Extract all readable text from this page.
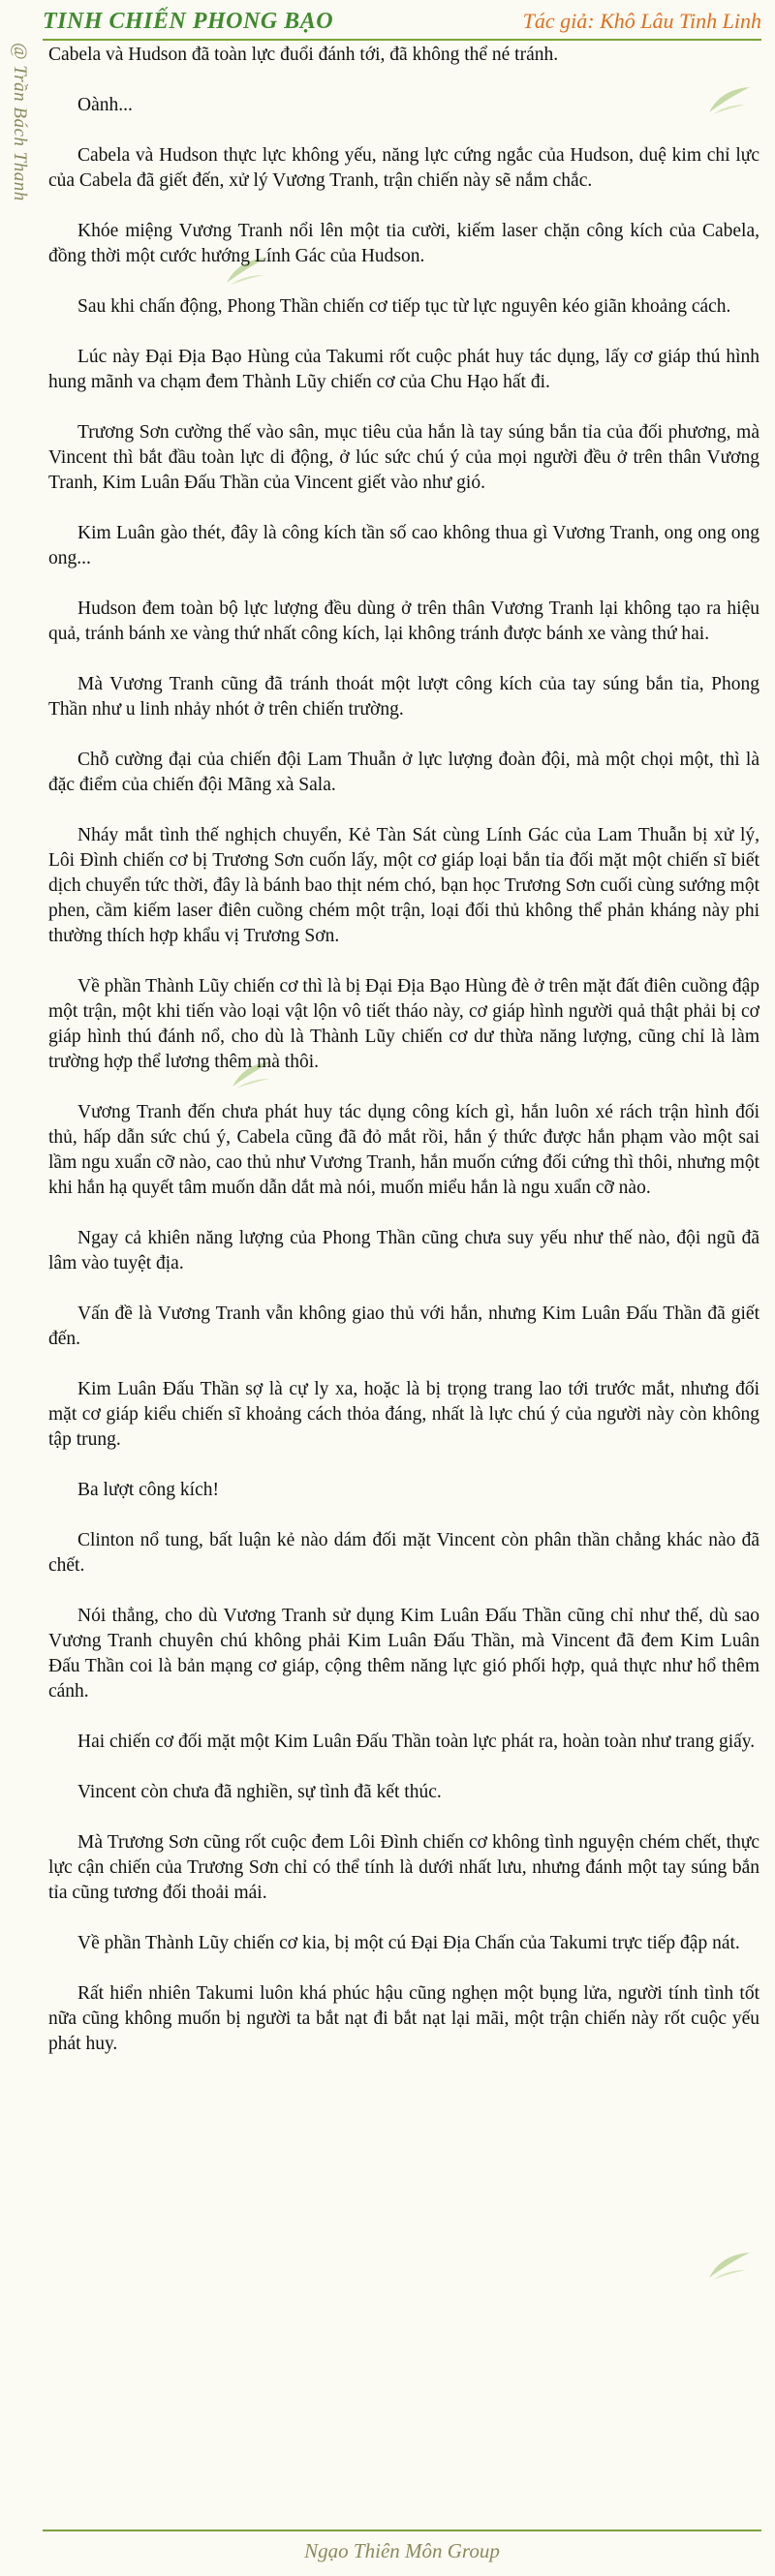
TINH CHIẾN PHONG BẠO	Tác giả: Khô Lâu Tinh Linh
@ Trần Bách Thanh Cabela và Hudson đã toàn lực đuổi đánh tới, đã không thể né tránh.

Oành...

Cabela và Hudson thực lực không yếu, năng lực cứng ngắc của Hudson, duệ kim chỉ lực của Cabela đã giết đến, xử lý Vương Tranh, trận chiến này sẽ nắm chắc.

Khóe miệng Vương Tranh nổi lên một tia cười, kiếm laser chặn công kích của Cabela, đồng thời một cước hướng Lính Gác của Hudson.

Sau khi chấn động, Phong Thần chiến cơ tiếp tục từ lực nguyên kéo giãn khoảng cách.

Lúc này Đại Địa Bạo Hùng của Takumi rốt cuộc phát huy tác dụng, lấy cơ giáp thú hình hung mãnh va chạm đem Thành Lũy chiến cơ của Chu Hạo hất đi.

Trương Sơn cường thế vào sân, mục tiêu của hắn là tay súng bắn tỉa của đối phương, mà Vincent thì bắt đầu toàn lực di động, ở lúc sức chú ý của mọi người đều ở trên thân Vương Tranh, Kim Luân Đấu Thần của Vincent giết vào như gió.

Kim Luân gào thét, đây là công kích tần số cao không thua gì Vương Tranh, ong ong ong ong...

Hudson đem toàn bộ lực lượng đều dùng ở trên thân Vương Tranh lại không tạo ra hiệu quả, tránh bánh xe vàng thứ nhất công kích, lại không tránh được bánh xe vàng thứ hai.

Mà Vương Tranh cũng đã tránh thoát một lượt công kích của tay súng bắn tỉa, Phong Thần như u linh nhảy nhót ở trên chiến trường.

Chỗ cường đại của chiến đội Lam Thuẫn ở lực lượng đoàn đội, mà một chọi một, thì là đặc điểm của chiến đội Mãng xà Sala.

Nháy mắt tình thế nghịch chuyển, Kẻ Tàn Sát cùng Lính Gác của Lam Thuẫn bị xử lý, Lôi Đình chiến cơ bị Trương Sơn cuốn lấy, một cơ giáp loại bắn tỉa đối mặt một chiến sĩ biết dịch chuyển tức thời, đây là bánh bao thịt ném chó, bạn học Trương Sơn cuối cùng sướng một phen, cầm kiếm laser điên cuồng chém một trận, loại đối thủ không thể phản kháng này phi thường thích hợp khẩu vị Trương Sơn.

Về phần Thành Lũy chiến cơ thì là bị Đại Địa Bạo Hùng đè ở trên mặt đất điên cuồng đập một trận, một khi tiến vào loại vật lộn vô tiết tháo này, cơ giáp hình người quả thật phải bị cơ giáp hình thú đánh nổ, cho dù là Thành Lũy chiến cơ dư thừa năng lượng, cũng chỉ là làm trường hợp thể lương thêm mà thôi.

Vương Tranh đến chưa phát huy tác dụng công kích gì, hắn luôn xé rách trận hình đối thủ, hấp dẫn sức chú ý, Cabela cũng đã đỏ mắt rồi, hắn ý thức được hắn phạm vào một sai lầm ngu xuẩn cỡ nào, cao thủ như Vương Tranh, hắn muốn cứng đối cứng thì thôi, nhưng một khi hắn hạ quyết tâm muốn dẫn dắt mà nói, muốn miểu hắn là ngu xuẩn cỡ nào.

Ngay cả khiên năng lượng của Phong Thần cũng chưa suy yếu như thế nào, đội ngũ đã lâm vào tuyệt địa.

Vấn đề là Vương Tranh vẫn không giao thủ với hắn, nhưng Kim Luân Đấu Thần đã giết đến.

Kim Luân Đấu Thần sợ là cự ly xa, hoặc là bị trọng trang lao tới trước mắt, nhưng đối mặt cơ giáp kiểu chiến sĩ khoảng cách thỏa đáng, nhất là lực chú ý của người này còn không tập trung.

Ba lượt công kích!

Clinton nổ tung, bất luận kẻ nào dám đối mặt Vincent còn phân thần chẳng khác nào đã chết.

Nói thẳng, cho dù Vương Tranh sử dụng Kim Luân Đấu Thần cũng chỉ như thế, dù sao Vương Tranh chuyên chú không phải Kim Luân Đấu Thần, mà Vincent đã đem Kim Luân Đấu Thần coi là bản mạng cơ giáp, cộng thêm năng lực gió phối hợp, quả thực như hổ thêm cánh.

Hai chiến cơ đối mặt một Kim Luân Đấu Thần toàn lực phát ra, hoàn toàn như trang giấy.

Vincent còn chưa đã nghiền, sự tình đã kết thúc.

Mà Trương Sơn cũng rốt cuộc đem Lôi Đình chiến cơ không tình nguyện chém chết, thực lực cận chiến của Trương Sơn chỉ có thể tính là dưới nhất lưu, nhưng đánh một tay súng bắn tỉa cũng tương đối thoải mái.

Về phần Thành Lũy chiến cơ kia, bị một cú Đại Địa Chấn của Takumi trực tiếp đập nát.

Rất hiển nhiên Takumi luôn khá phúc hậu cũng nghẹn một bụng lửa, người tính tình tốt nữa cũng không muốn bị người ta bắt nạt đi bắt nạt lại mãi, một trận chiến này rốt cuộc yếu phát huy.

Ngạo Thiên Môn Group
